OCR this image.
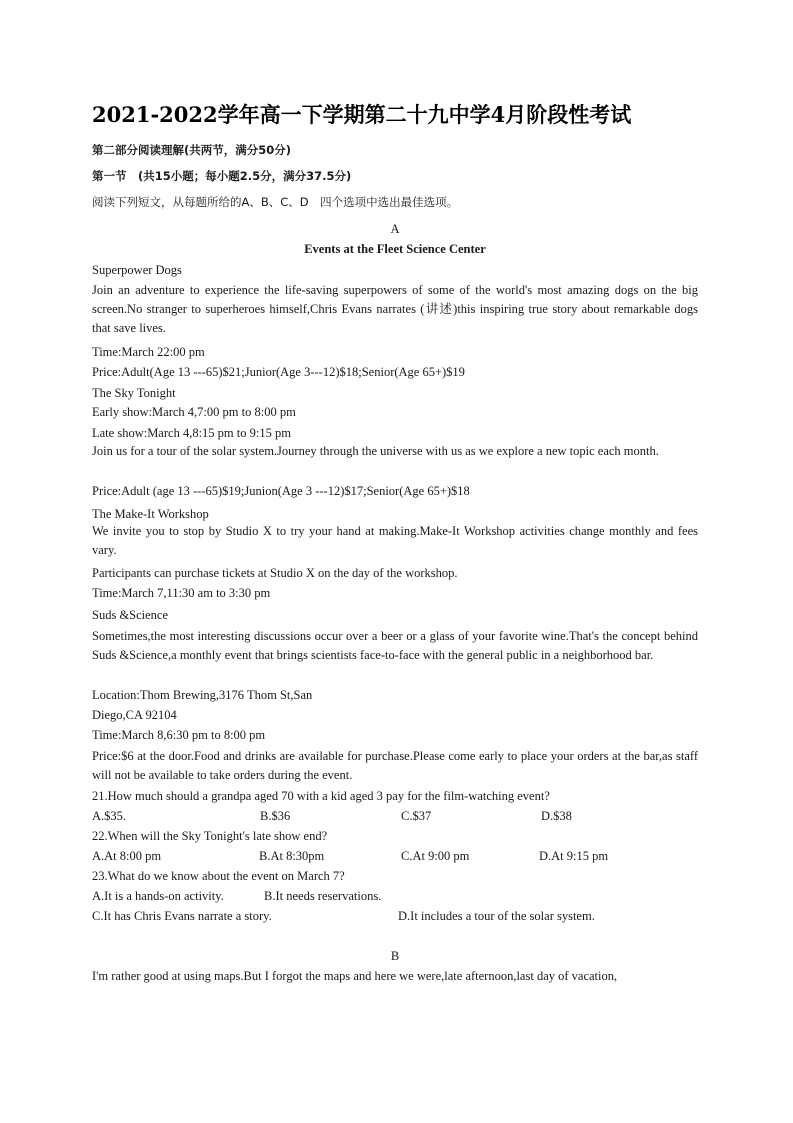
2021-2022学年高一下学期第二十九中学4月阶段性考试
第二部分阅读理解(共两节，满分50分)
第一节　(共15小题；每小题2.5分，满分37.5分)
阅读下列短文，从每题所给的A、B、C、D　四个选项中选出最佳选项。
A
Events at the Fleet Science Center
Superpower Dogs
Join an adventure to experience the life-saving superpowers of some of the world's most amazing dogs on the big screen.No stranger to superheroes himself,Chris Evans narrates (讲述)this inspiring true story about remarkable dogs that save lives.
Time:March 22:00 pm
Price:Adult(Age 13 ---65)$21;Junior(Age 3---12)$18;Senior(Age 65+)$19
The Sky Tonight
Early show:March 4,7:00 pm to 8:00 pm
Late show:March 4,8:15 pm to 9:15 pm
Join us for a tour of the solar system.Journey through the universe with us as we explore a new topic each month.
Price:Adult (age 13 ---65)$19;Junion(Age 3 ---12)$17;Senior(Age 65+)$18
The Make-It Workshop
We invite you to stop by Studio X to try your hand at making.Make-It Workshop activities change monthly and fees vary.
Participants can purchase tickets at Studio X on the day of the workshop.
Time:March 7,11:30 am to 3:30 pm
Suds &Science
Sometimes,the most interesting discussions occur over a beer or a glass of your favorite wine.That's the concept behind Suds &Science,a monthly event that brings scientists face-to-face with the general public in a neighborhood bar.
Location:Thom Brewing,3176 Thom St,San
Diego,CA 92104
Time:March 8,6:30 pm to 8:00 pm
Price:$6 at the door.Food and drinks are available for purchase.Please come early to place your orders at the bar,as staff will not be available to take orders during the event.
21.How much should a grandpa aged 70 with a kid aged 3 pay for the film-watching event?
A.$35.	B.$36	C.$37	D.$38
22.When will the Sky Tonight's late show end?
A.At 8:00 pm	B.At 8:30pm	C.At 9:00 pm	D.At 9:15 pm
23.What do we know about the event on March 7?
A.It is a hands-on activity.	B.It needs reservations.
C.It has Chris Evans narrate a story.	D.It includes a tour of the solar system.
B
I'm rather good at using maps.But I forgot the maps and here we were,late afternoon,last day of vacation,
